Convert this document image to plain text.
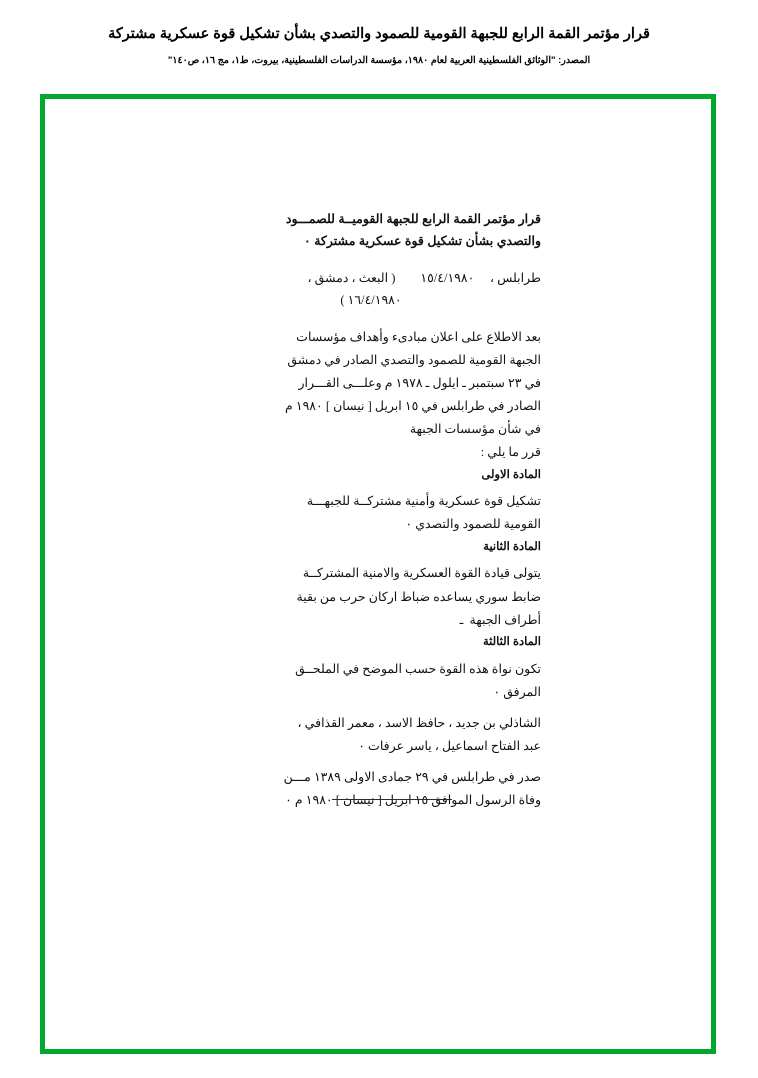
قرار مؤتمر القمة الرابع للجبهة القومية للصمود والتصدي بشأن تشكيل قوة عسكرية مشتركة
المصدر: "الوثائق الفلسطينية العربية لعام ١٩٨٠، مؤسسة الدراسات الفلسطينية، بيروت، ط١، مج ١٦، ص١٤٠"
قرار مؤتمر القمة الرابع للجبهة القوميــة للصمـــود والتصدي بشأن تشكيل قوة عسكرية مشتركة ٠
طرابلس ،     ١٥/٤/١٩٨٠        ( البعث ، دمشق ،
١٦/٤/١٩٨٠ )
بعد الاطلاع على اعلان مبادىء وأهداف مؤسسات
الجبهة القومية للصمود والتصدي الصادر في دمشق
في ٢٣ سبتمبر ـ ايلول ـ ١٩٧٨ م وعلـــى القـــرار
الصادر في طرابلس في ١٥ ابريل [ نيسان ] ١٩٨٠ م
في شأن مؤسسات الجبهة
قرر ما يلي :
المادة الاولى
تشكيل قوة عسكرية وأمنية مشتركــة للجبهـــة
القومية للصمود والتصدي ٠
المادة الثانية
يتولى قيادة القوة العسكرية والامنية المشتركــة
ضابط سوري يساعده ضباط اركان حرب من بقية
أطراف الجبهة  ـ
المادة الثالثة
تكون نواة هذه القوة حسب الموضح في الملحــق
المرفق ٠
الشاذلي بن جديد ، حافظ الاسد ، معمر القذافي ،
عبد الفتاح اسماعيل ، ياسر عرفات ٠
صدر في طرابلس في ٢٩ جمادى الاولى ١٣٨٩ مـــن
وفاة الرسول الموافق ١٥ ابريل [ نيسان ] ١٩٨٠ م ٠
